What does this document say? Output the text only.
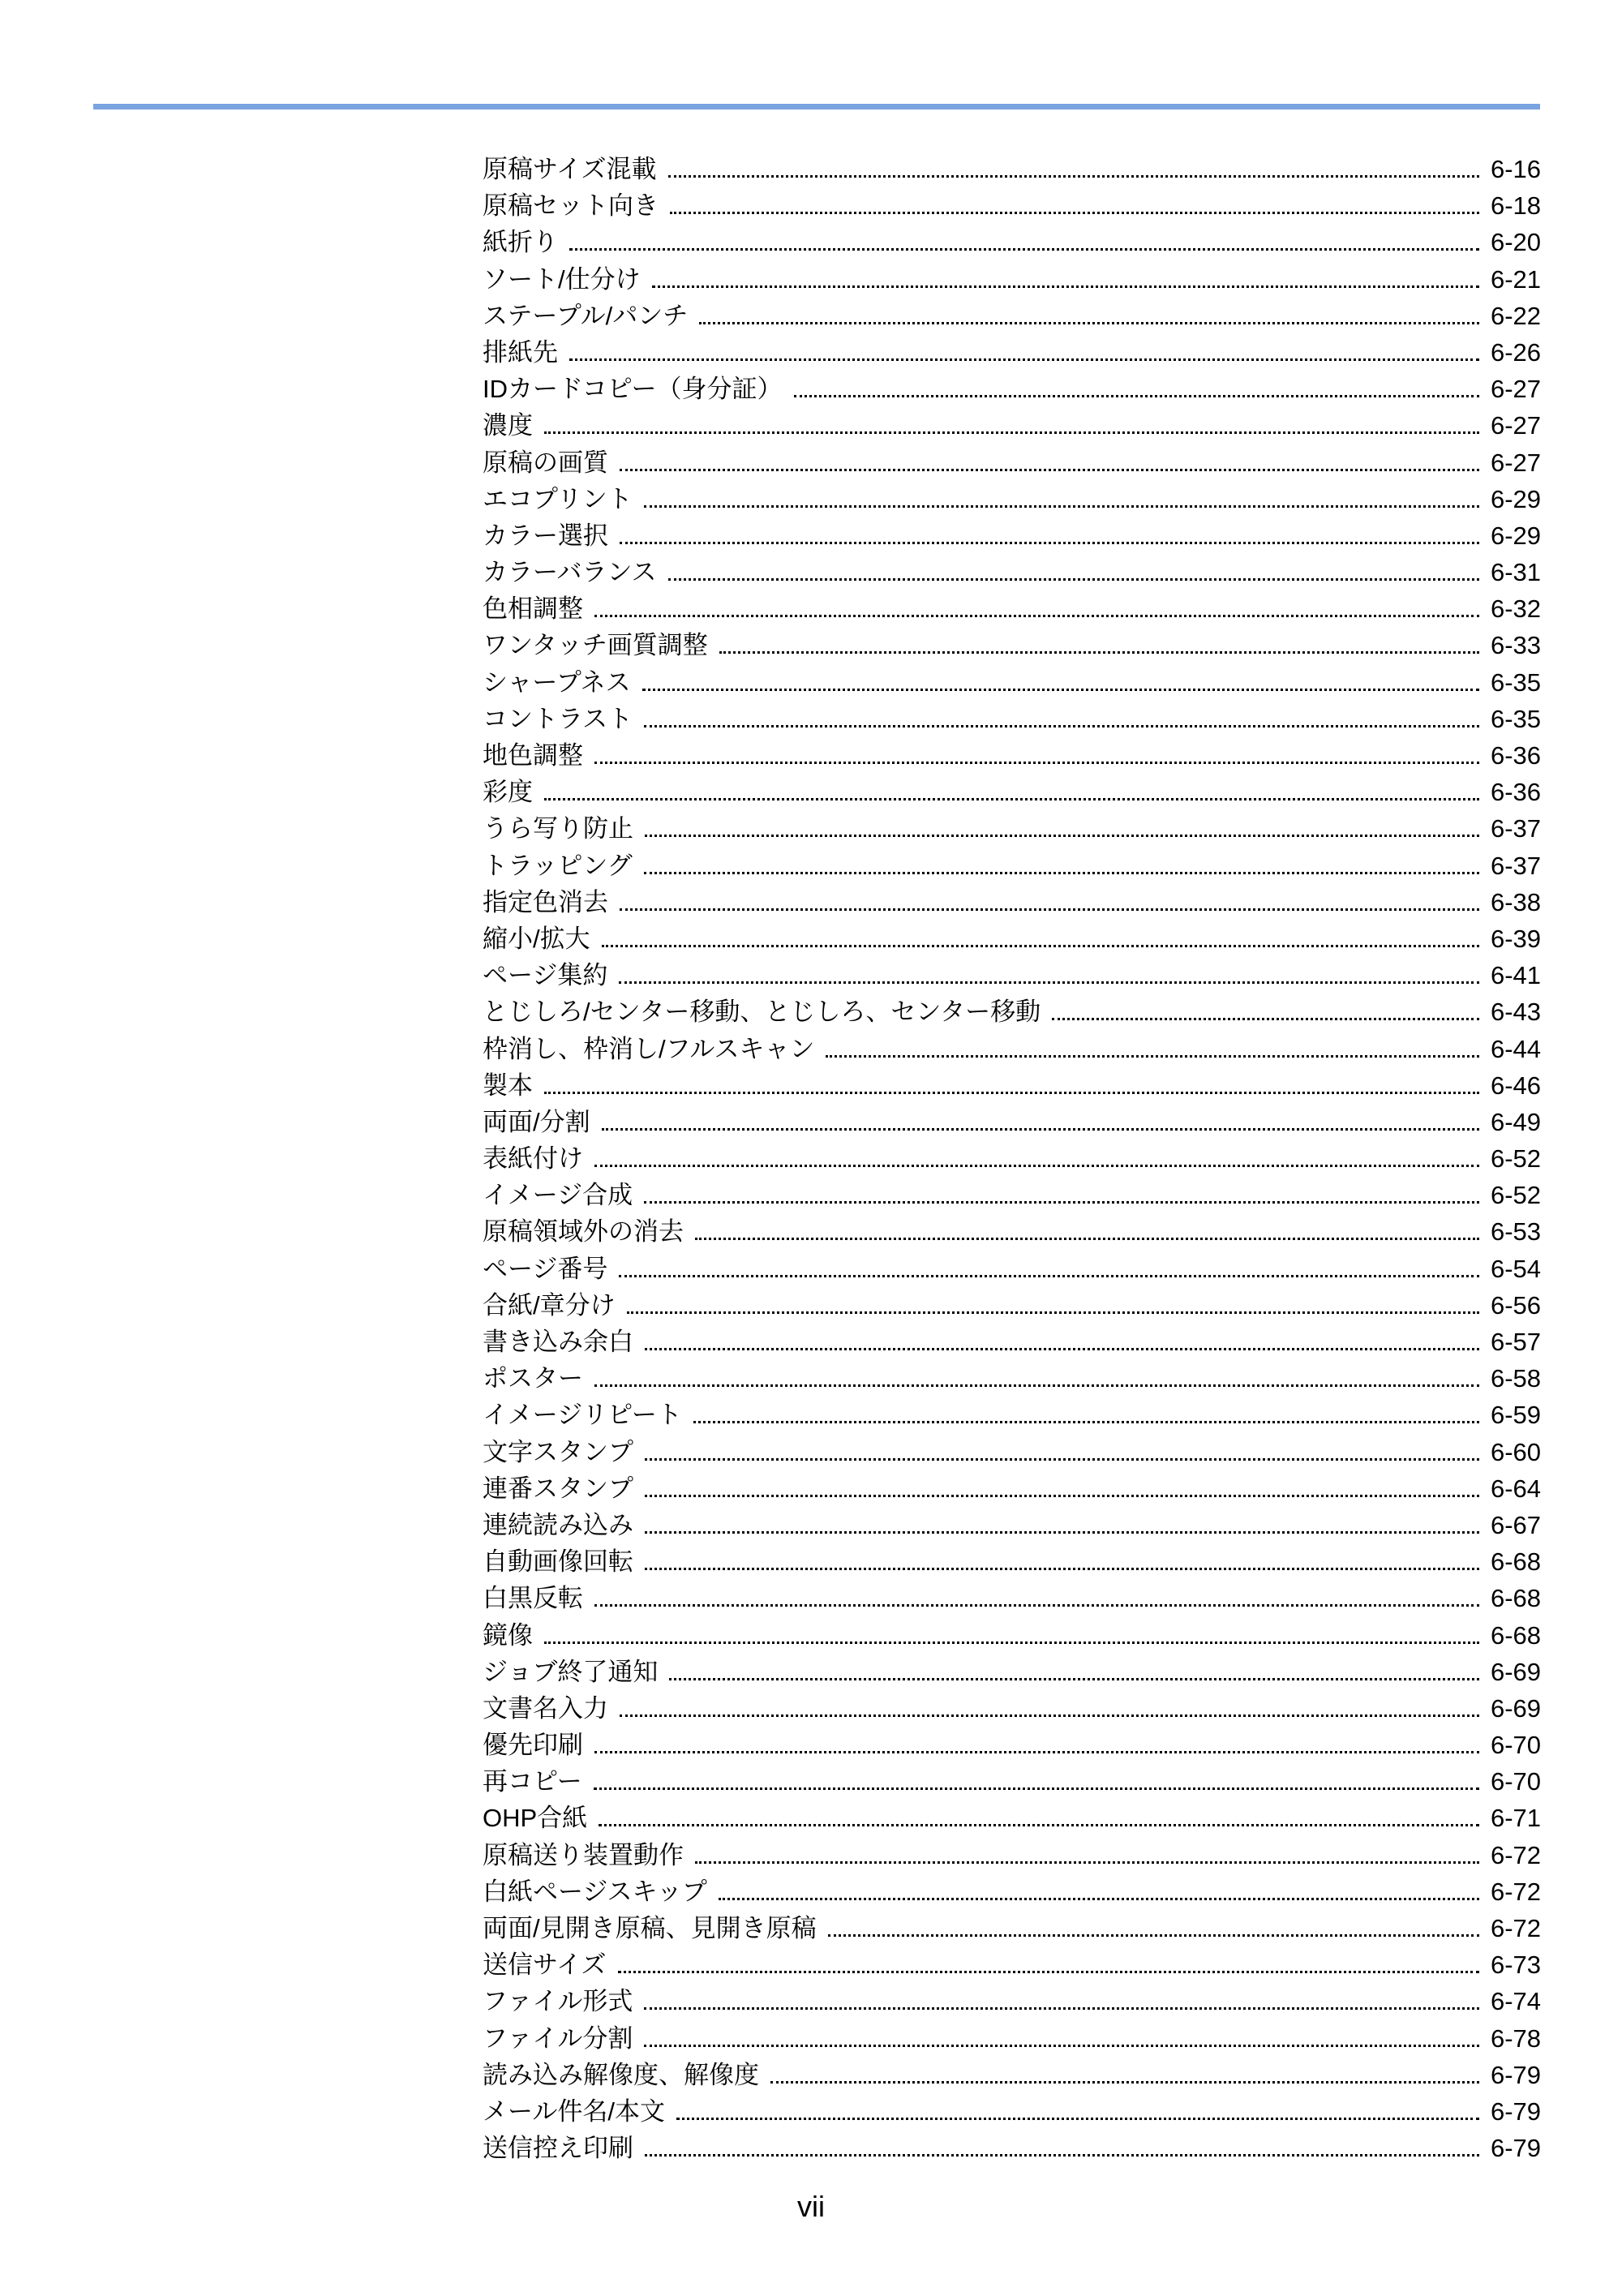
原稿サイズ混載	6-16
原稿セット向き	6-18
紙折り	6-20
ソート/仕分け	6-21
ステープル/パンチ	6-22
排紙先	6-26
IDカードコピー（身分証）	6-27
濃度	6-27
原稿の画質	6-27
エコプリント	6-29
カラー選択	6-29
カラーバランス	6-31
色相調整	6-32
ワンタッチ画質調整	6-33
シャープネス	6-35
コントラスト	6-35
地色調整	6-36
彩度	6-36
うら写り防止	6-37
トラッピング	6-37
指定色消去	6-38
縮小/拡大	6-39
ページ集約	6-41
とじしろ/センター移動、とじしろ、センター移動	6-43
枠消し、枠消し/フルスキャン	6-44
製本	6-46
両面/分割	6-49
表紙付け	6-52
イメージ合成	6-52
原稿領域外の消去	6-53
ページ番号	6-54
合紙/章分け	6-56
書き込み余白	6-57
ポスター	6-58
イメージリピート	6-59
文字スタンプ	6-60
連番スタンプ	6-64
連続読み込み	6-67
自動画像回転	6-68
白黒反転	6-68
鏡像	6-68
ジョブ終了通知	6-69
文書名入力	6-69
優先印刷	6-70
再コピー	6-70
OHP合紙	6-71
原稿送り装置動作	6-72
白紙ページスキップ	6-72
両面/見開き原稿、見開き原稿	6-72
送信サイズ	6-73
ファイル形式	6-74
ファイル分割	6-78
読み込み解像度、解像度	6-79
メール件名/本文	6-79
送信控え印刷	6-79
vii
